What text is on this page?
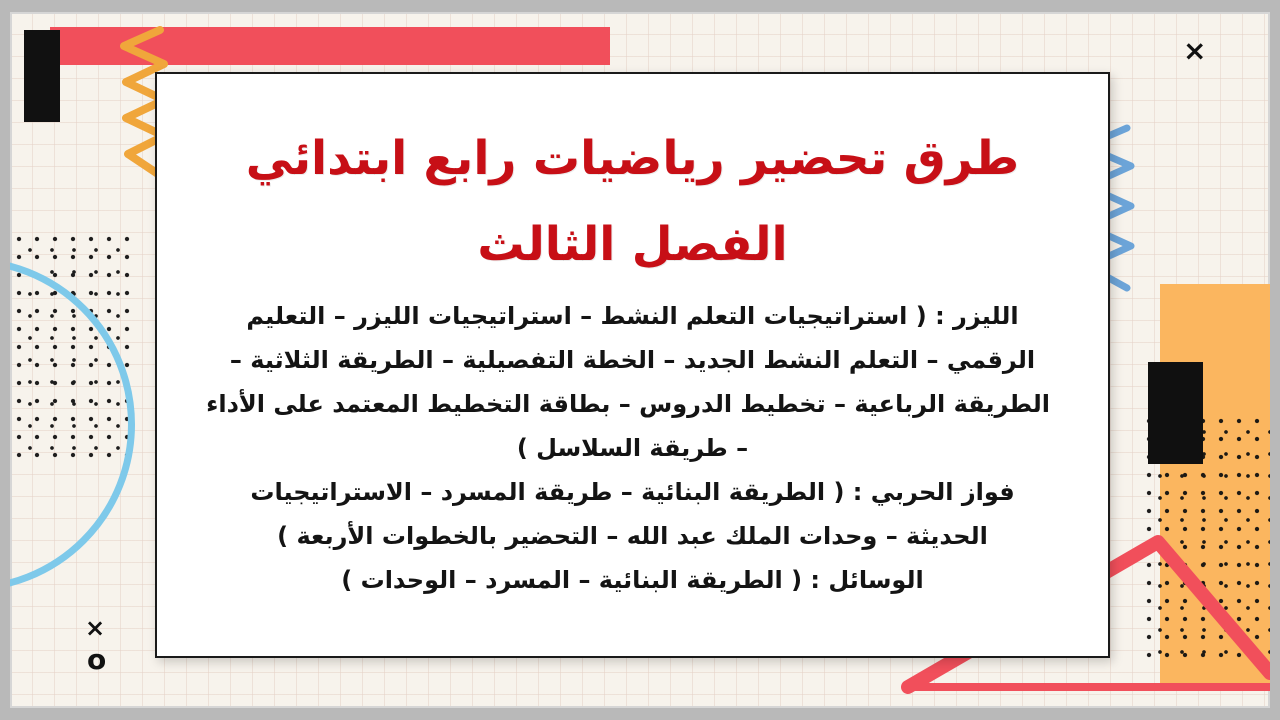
×
×
o
طرق تحضير رياضيات رابع ابتدائي
الفصل الثالث
الليزر : ( استراتيجيات التعلم النشط – استراتيجيات الليزر – التعليم
الرقمي – التعلم النشط الجديد – الخطة التفصيلية – الطريقة الثلاثية –
الطريقة الرباعية – تخطيط الدروس – بطاقة التخطيط المعتمد على الأداء
– طريقة السلاسل )
فواز الحربي : ( الطريقة البنائية – طريقة المسرد – الاستراتيجيات
الحديثة – وحدات الملك عبد الله – التحضير بالخطوات الأربعة )
الوسائل : ( الطريقة البنائية – المسرد – الوحدات )
